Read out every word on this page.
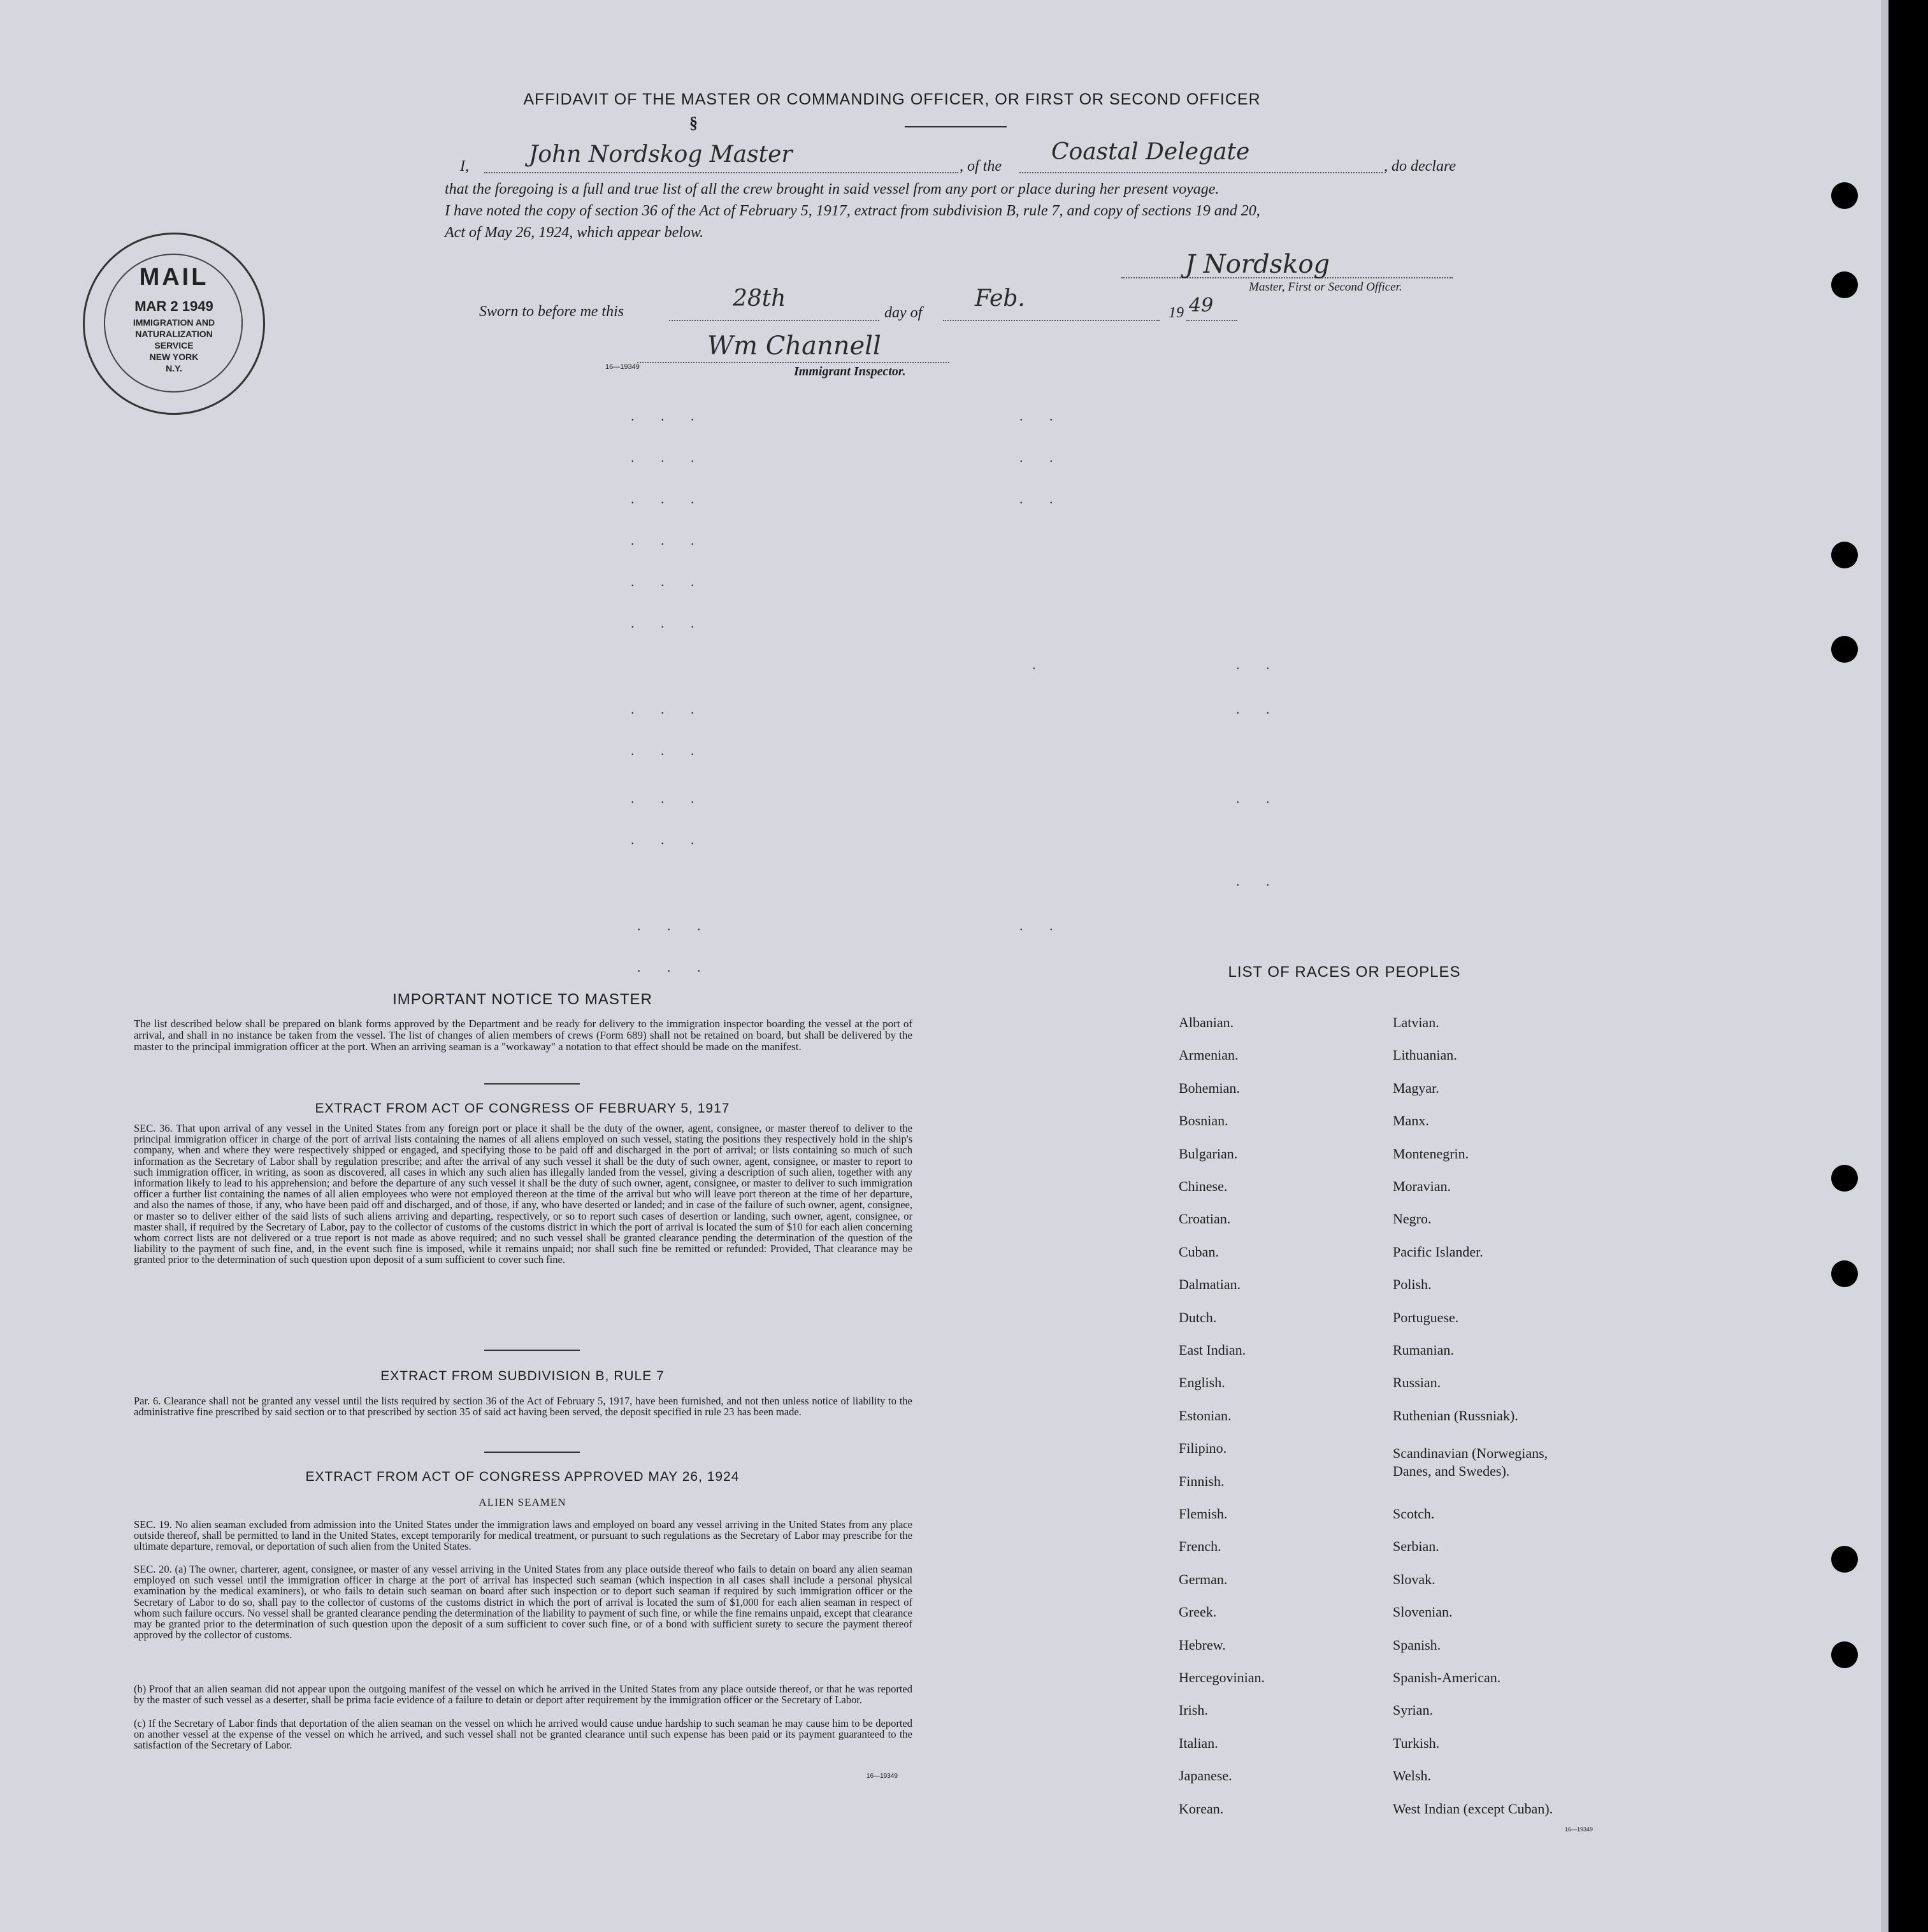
AFFIDAVIT OF THE MASTER OR COMMANDING OFFICER, OR FIRST OR SECOND OFFICER
§
I,	John Nordskog Master	, of the
Coastal Delegate
, do declare
that the foregoing is a full and true list of all the crew brought in said vessel from any port or place during her present voyage.
I have noted the copy of section 36 of the Act of February 5, 1917, extract from subdivision B, rule 7, and copy of sections 19 and 20,
Act of May 26, 1924, which appear below.
J Nordskog
Master, First or Second Officer.
Sworn to before me this	28th
day of
Feb.
19 49
Wm Channell
16—19349	Immigrant Inspector.
MAIL
MAR 2 1949
IMMIGRATION AND
NATURALIZATION
SERVICE
NEW YORK
N.Y.
. . .	. .
. . .	. .
. . .	. .
. . .
. . .
. . .
.	. .
. . .	. .
. . .
. . .	. .
. . .
. .
. . .	. .
. . .
IMPORTANT NOTICE TO MASTER
The list described below shall be prepared on blank forms approved by the Department and be ready for delivery to the immigration inspector boarding the vessel at the port of arrival, and shall in no instance be taken from the vessel. The list of changes of alien members of crews (Form 689) shall not be retained on board, but shall be delivered by the master to the principal immigration officer at the port. When an arriving seaman is a "workaway" a notation to that effect should be made on the manifest.
EXTRACT FROM ACT OF CONGRESS OF FEBRUARY 5, 1917
SEC. 36. That upon arrival of any vessel in the United States from any foreign port or place it shall be the duty of the owner, agent, consignee, or master thereof to deliver to the principal immigration officer in charge of the port of arrival lists containing the names of all aliens employed on such vessel, stating the positions they respectively hold in the ship's company, when and where they were respectively shipped or engaged, and specifying those to be paid off and discharged in the port of arrival; or lists containing so much of such information as the Secretary of Labor shall by regulation prescribe; and after the arrival of any such vessel it shall be the duty of such owner, agent, consignee, or master to report to such immigration officer, in writing, as soon as discovered, all cases in which any such alien has illegally landed from the vessel, giving a description of such alien, together with any information likely to lead to his apprehension; and before the departure of any such vessel it shall be the duty of such owner, agent, consignee, or master to deliver to such immigration officer a further list containing the names of all alien employees who were not employed thereon at the time of the arrival but who will leave port thereon at the time of her departure, and also the names of those, if any, who have been paid off and discharged, and of those, if any, who have deserted or landed; and in case of the failure of such owner, agent, consignee, or master so to deliver either of the said lists of such aliens arriving and departing, respectively, or so to report such cases of desertion or landing, such owner, agent, consignee, or master shall, if required by the Secretary of Labor, pay to the collector of customs of the customs district in which the port of arrival is located the sum of $10 for each alien concerning whom correct lists are not delivered or a true report is not made as above required; and no such vessel shall be granted clearance pending the determination of the question of the liability to the payment of such fine, and, in the event such fine is imposed, while it remains unpaid; nor shall such fine be remitted or refunded: Provided, That clearance may be granted prior to the determination of such question upon deposit of a sum sufficient to cover such fine.
EXTRACT FROM SUBDIVISION B, RULE 7
Par. 6. Clearance shall not be granted any vessel until the lists required by section 36 of the Act of February 5, 1917, have been furnished, and not then unless notice of liability to the administrative fine prescribed by said section or to that prescribed by section 35 of said act having been served, the deposit specified in rule 23 has been made.
EXTRACT FROM ACT OF CONGRESS APPROVED MAY 26, 1924
ALIEN SEAMEN
SEC. 19. No alien seaman excluded from admission into the United States under the immigration laws and employed on board any vessel arriving in the United States from any place outside thereof, shall be permitted to land in the United States, except temporarily for medical treatment, or pursuant to such regulations as the Secretary of Labor may prescribe for the ultimate departure, removal, or deportation of such alien from the United States.
SEC. 20. (a) The owner, charterer, agent, consignee, or master of any vessel arriving in the United States from any place outside thereof who fails to detain on board any alien seaman employed on such vessel until the immigration officer in charge at the port of arrival has inspected such seaman (which inspection in all cases shall include a personal physical examination by the medical examiners), or who fails to detain such seaman on board after such inspection or to deport such seaman if required by such immigration officer or the Secretary of Labor to do so, shall pay to the collector of customs of the customs district in which the port of arrival is located the sum of $1,000 for each alien seaman in respect of whom such failure occurs. No vessel shall be granted clearance pending the determination of the liability to payment of such fine, or while the fine remains unpaid, except that clearance may be granted prior to the determination of such question upon the deposit of a sum sufficient to cover such fine, or of a bond with sufficient surety to secure the payment thereof approved by the collector of customs.
(b) Proof that an alien seaman did not appear upon the outgoing manifest of the vessel on which he arrived in the United States from any place outside thereof, or that he was reported by the master of such vessel as a deserter, shall be prima facie evidence of a failure to detain or deport after requirement by the immigration officer or the Secretary of Labor.
(c) If the Secretary of Labor finds that deportation of the alien seaman on the vessel on which he arrived would cause undue hardship to such seaman he may cause him to be deported on another vessel at the expense of the vessel on which he arrived, and such vessel shall not be granted clearance until such expense has been paid or its payment guaranteed to the satisfaction of the Secretary of Labor.
16—19349
LIST OF RACES OR PEOPLES
16—19349
Albanian.
Armenian.
Bohemian.
Bosnian.
Bulgarian.
Chinese.
Croatian.
Cuban.
Dalmatian.
Dutch.
East Indian.
English.
Estonian.
Filipino.
Finnish.
Flemish.
French.
German.
Greek.
Hebrew.
Hercegovinian.
Irish.
Italian.
Japanese.
Korean.
Latvian.
Lithuanian.
Magyar.
Manx.
Montenegrin.
Moravian.
Negro.
Pacific Islander.
Polish.
Portuguese.
Rumanian.
Russian.
Ruthenian (Russniak).
Scandinavian (Norwegians,
Danes, and Swedes).
Scotch.
Serbian.
Slovak.
Slovenian.
Spanish.
Spanish-American.
Syrian.
Turkish.
Welsh.
West Indian (except Cuban).
